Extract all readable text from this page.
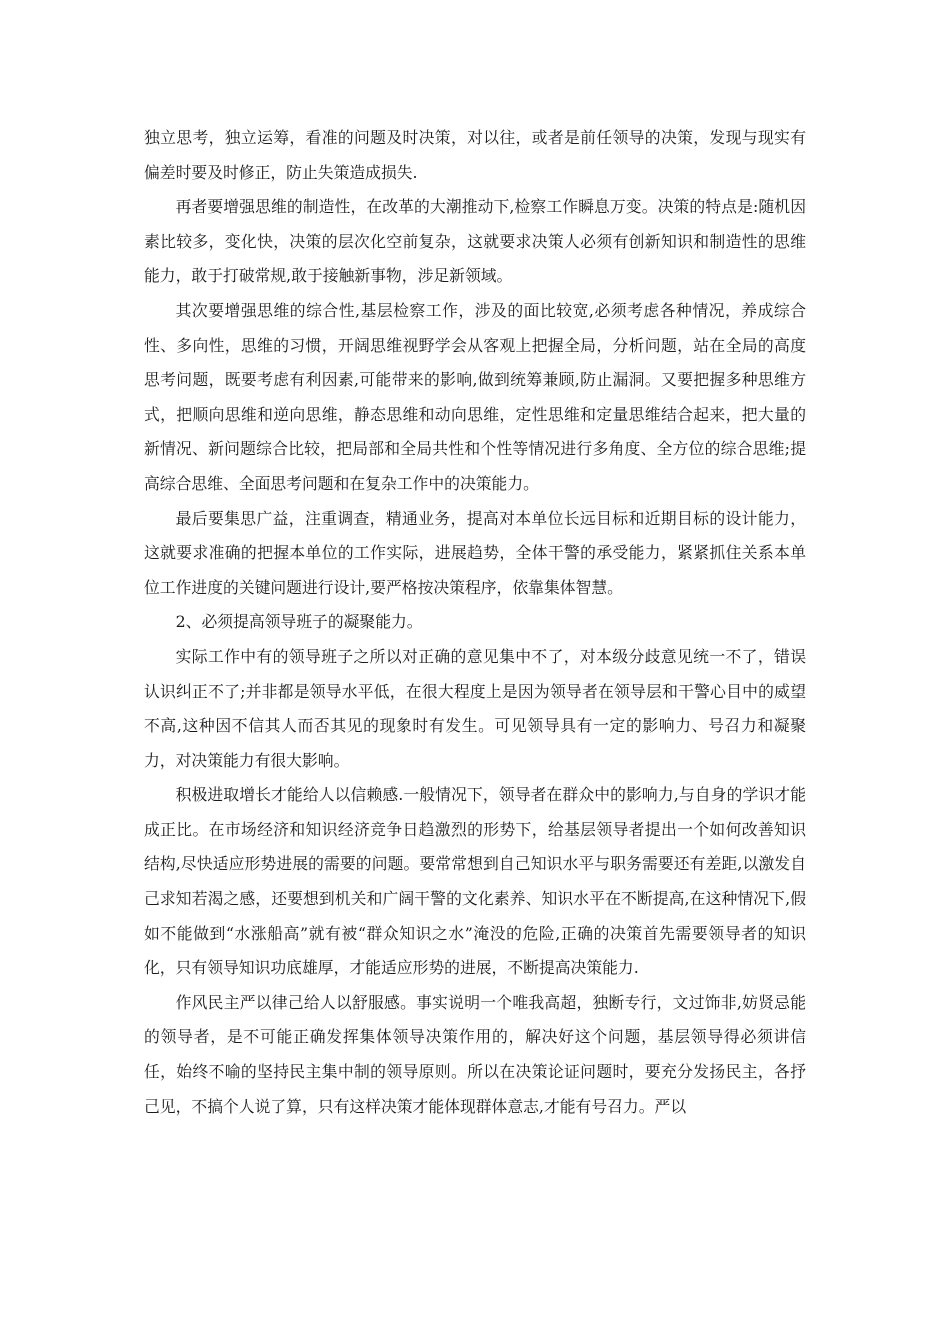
独立思考，独立运筹，看准的问题及时决策，对以往，或者是前任领导的决策，发现与现实有偏差时要及时修正，防止失策造成损失.

再者要增强思维的制造性，在改革的大潮推动下,检察工作瞬息万变。决策的特点是:随机因素比较多，变化快，决策的层次化空前复杂，这就要求决策人必须有创新知识和制造性的思维能力，敢于打破常规,敢于接触新事物，涉足新领域。

其次要增强思维的综合性,基层检察工作，涉及的面比较宽,必须考虑各种情况，养成综合性、多向性，思维的习惯，开阔思维视野学会从客观上把握全局，分析问题，站在全局的高度思考问题，既要考虑有利因素,可能带来的影响,做到统筹兼顾,防止漏洞。又要把握多种思维方式，把顺向思维和逆向思维，静态思维和动向思维，定性思维和定量思维结合起来，把大量的新情况、新问题综合比较，把局部和全局共性和个性等情况进行多角度、全方位的综合思维;提高综合思维、全面思考问题和在复杂工作中的决策能力。

最后要集思广益，注重调查，精通业务，提高对本单位长远目标和近期目标的设计能力，这就要求准确的把握本单位的工作实际，进展趋势，全体干警的承受能力，紧紧抓住关系本单位工作进度的关键问题进行设计,要严格按决策程序，依靠集体智慧。

2、必须提高领导班子的凝聚能力。

实际工作中有的领导班子之所以对正确的意见集中不了，对本级分歧意见统一不了，错误认识纠正不了;并非都是领导水平低，在很大程度上是因为领导者在领导层和干警心目中的威望不高,这种因不信其人而否其见的现象时有发生。可见领导具有一定的影响力、号召力和凝聚力，对决策能力有很大影响。

积极进取增长才能给人以信赖感.一般情况下，领导者在群众中的影响力,与自身的学识才能成正比。在市场经济和知识经济竞争日趋激烈的形势下，给基层领导者提出一个如何改善知识结构,尽快适应形势进展的需要的问题。要常常想到自己知识水平与职务需要还有差距,以激发自己求知若渴之感，还要想到机关和广阔干警的文化素养、知识水平在不断提高,在这种情况下,假如不能做到“水涨船高”就有被“群众知识之水”淹没的危险,正确的决策首先需要领导者的知识化，只有领导知识功底雄厚，才能适应形势的进展，不断提高决策能力.

作风民主严以律己给人以舒服感。事实说明一个唯我高超，独断专行，文过饰非,妨贤忌能的领导者，是不可能正确发挥集体领导决策作用的，解决好这个问题，基层领导得必须讲信任，始终不喻的坚持民主集中制的领导原则。所以在决策论证问题时，要充分发扬民主，各抒己见，不搞个人说了算，只有这样决策才能体现群体意志,才能有号召力。严以
